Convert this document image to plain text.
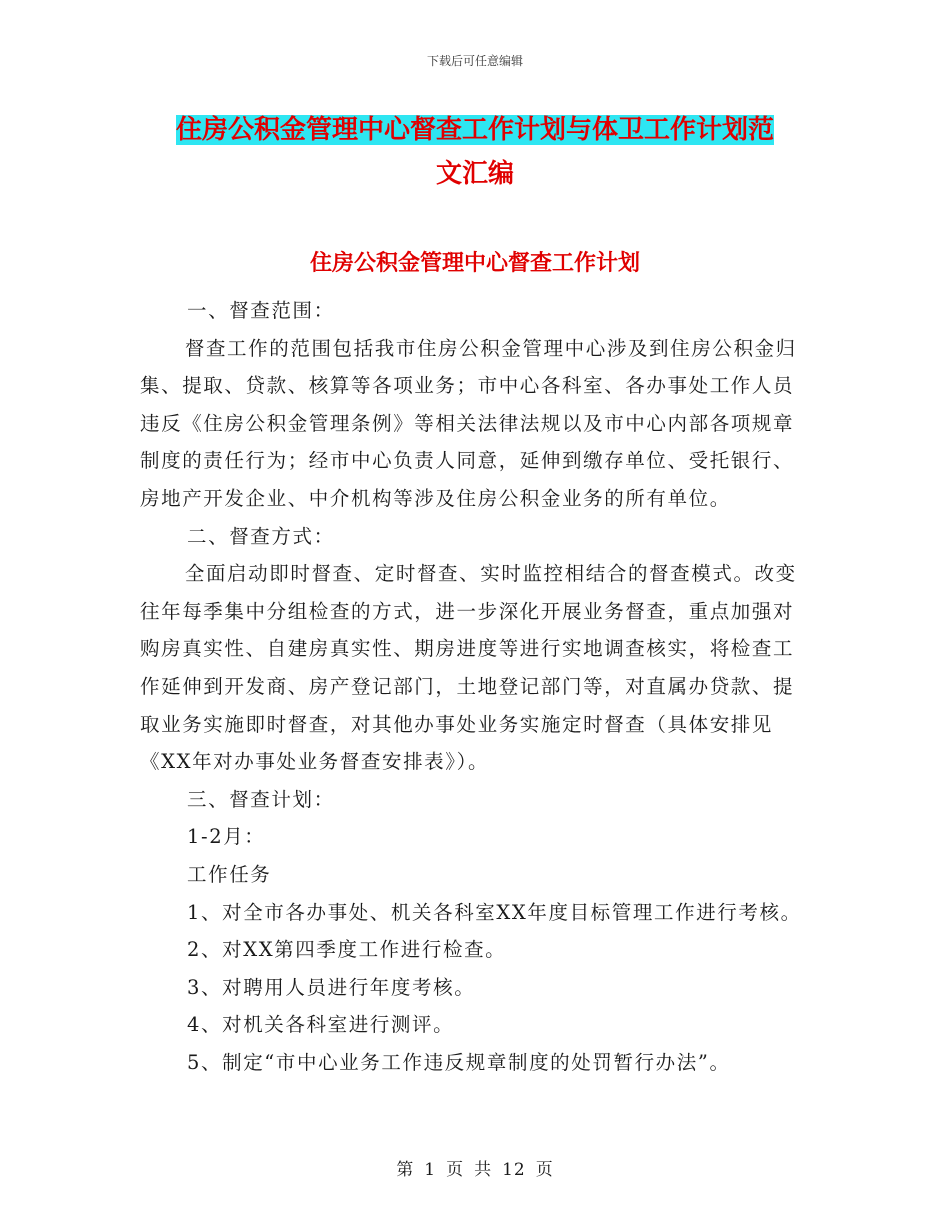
下载后可任意编辑
住房公积金管理中心督查工作计划与体卫工作计划范
文汇编
住房公积金管理中心督查工作计划

一、督查范围：

督查工作的范围包括我市住房公积金管理中心涉及到住房公积金归集、提取、贷款、核算等各项业务；市中心各科室、各办事处工作人员违反《住房公积金管理条例》等相关法律法规以及市中心内部各项规章制度的责任行为；经市中心负责人同意，延伸到缴存单位、受托银行、房地产开发企业、中介机构等涉及住房公积金业务的所有单位。

二、督查方式：

全面启动即时督查、定时督查、实时监控相结合的督查模式。改变往年每季集中分组检查的方式，进一步深化开展业务督查，重点加强对购房真实性、自建房真实性、期房进度等进行实地调查核实，将检查工作延伸到开发商、房产登记部门，土地登记部门等，对直属办贷款、提取业务实施即时督查，对其他办事处业务实施定时督查（具体安排见《XX年对办事处业务督查安排表》）。

三、督查计划：

1-2月：

工作任务

1、对全市各办事处、机关各科室XX年度目标管理工作进行考核。

2、对XX第四季度工作进行检查。

3、对聘用人员进行年度考核。

4、对机关各科室进行测评。

5、制定“市中心业务工作违反规章制度的处罚暂行办法”。

第 1 页 共 12 页
